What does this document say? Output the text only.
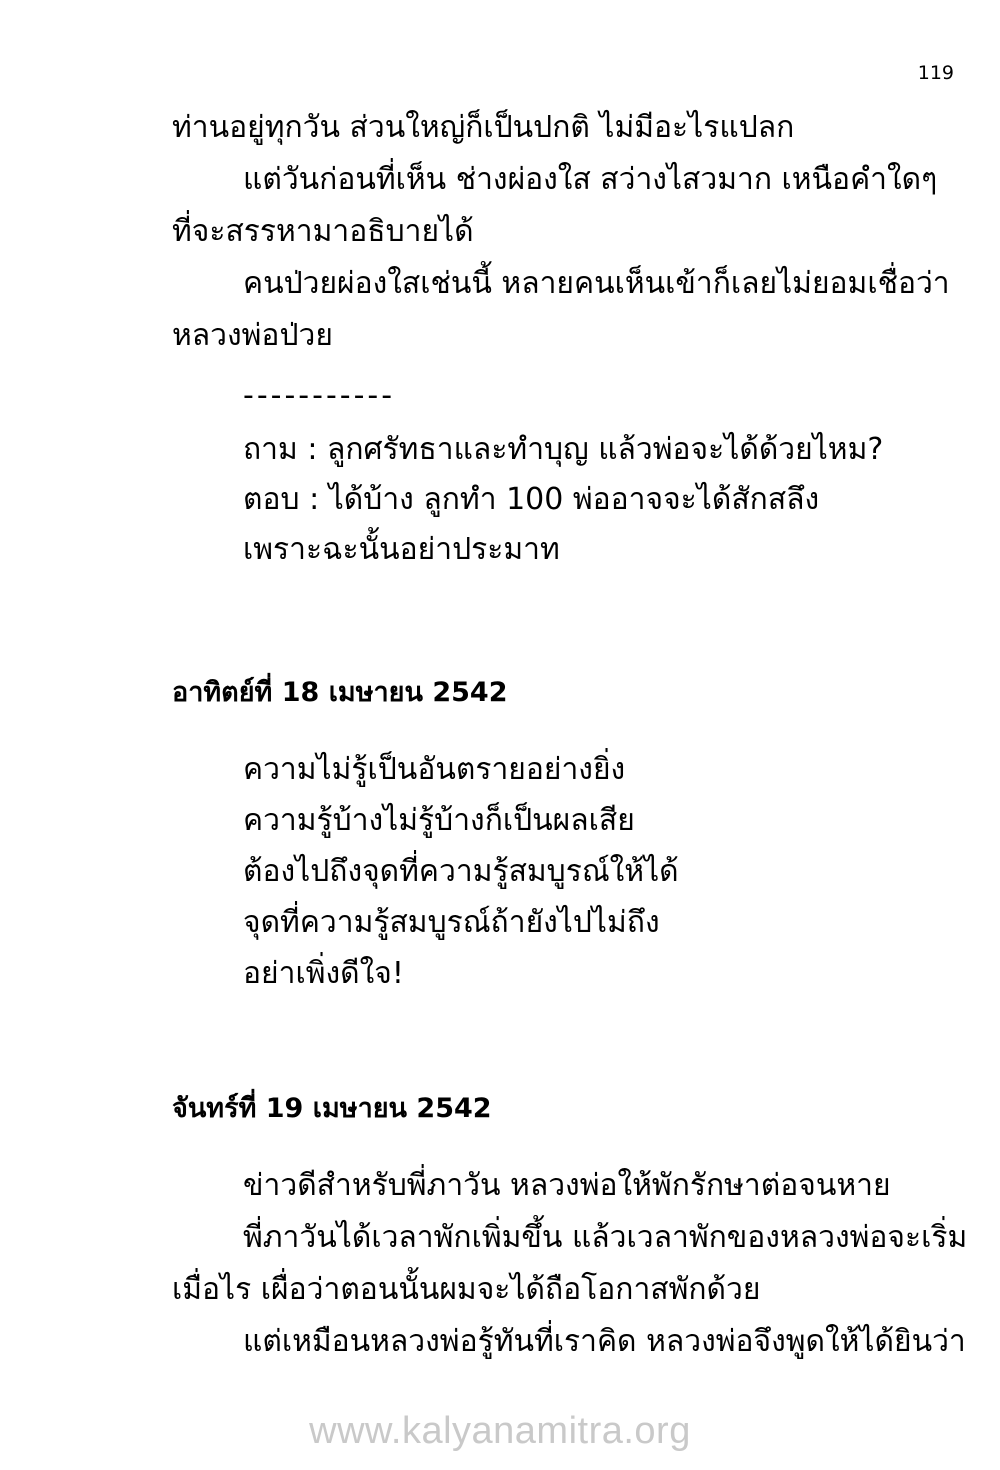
119
ท่านอยู่ทุกวัน ส่วนใหญ่ก็เป็นปกติ ไม่มีอะไรแปลก
แต่วันก่อนที่เห็น ช่างผ่องใส สว่างไสวมาก เหนือคำใดๆ
ที่จะสรรหามาอธิบายได้
คนป่วยผ่องใสเช่นนี้ หลายคนเห็นเข้าก็เลยไม่ยอมเชื่อว่า
หลวงพ่อป่วย
-----------
ถาม : ลูกศรัทธาและทำบุญ แล้วพ่อจะได้ด้วยไหม?
ตอบ : ได้บ้าง ลูกทำ 100 พ่ออาจจะได้สักสลึง
เพราะฉะนั้นอย่าประมาท
อาทิตย์ที่ 18 เมษายน 2542
ความไม่รู้เป็นอันตรายอย่างยิ่ง
ความรู้บ้างไม่รู้บ้างก็เป็นผลเสีย
ต้องไปถึงจุดที่ความรู้สมบูรณ์ให้ได้
จุดที่ความรู้สมบูรณ์ถ้ายังไปไม่ถึง
อย่าเพิ่งดีใจ!
จันทร์ที่ 19 เมษายน 2542
ข่าวดีสำหรับพี่ภาวัน หลวงพ่อให้พักรักษาต่อจนหาย
พี่ภาวันได้เวลาพักเพิ่มขึ้น แล้วเวลาพักของหลวงพ่อจะเริ่ม
เมื่อไร เผื่อว่าตอนนั้นผมจะได้ถือโอกาสพักด้วย
แต่เหมือนหลวงพ่อรู้ทันที่เราคิด หลวงพ่อจึงพูดให้ได้ยินว่า
www.kalyanamitra.org
